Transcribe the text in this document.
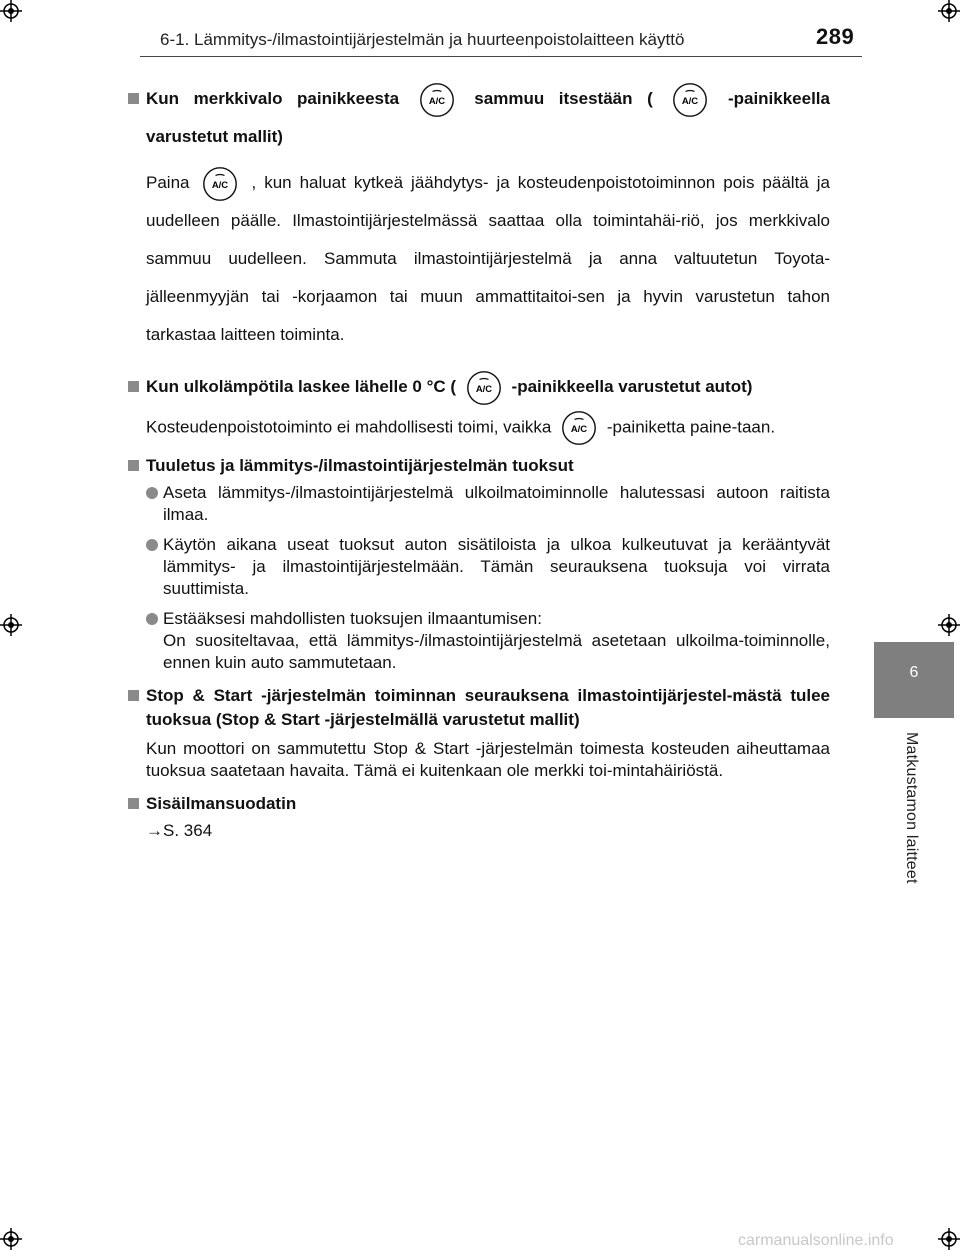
6-1. Lämmitys-/ilmastointijärjestelmän ja huurteenpoistolaitteen käyttö	289
6
Matkustamon laitteet
Kun merkkivalo painikkeesta	A/C sammuu itsestään (	A/C -painikkeella varustetut mallit)
Paina A/C , kun haluat kytkeä jäähdytys- ja kosteudenpoistotoiminnon pois päältä ja uudelleen päälle. Ilmastointijärjestelmässä saattaa olla toimintahäi-riö, jos merkkivalo sammuu uudelleen. Sammuta ilmastointijärjestelmä ja anna valtuutetun Toyota-jälleenmyyjän tai -korjaamon tai muun ammattitaitoi-sen ja hyvin varustetun tahon tarkastaa laitteen toiminta.
Kun ulkolämpötila laskee lähelle 0 °C ( A/C -painikkeella varustetut autot)
Kosteudenpoistotoiminto ei mahdollisesti toimi, vaikka A/C -painiketta paine-taan.
Tuuletus ja lämmitys-/ilmastointijärjestelmän tuoksut
Aseta lämmitys-/ilmastointijärjestelmä ulkoilmatoiminnolle halutessasi autoon raitista ilmaa.
Käytön aikana useat tuoksut auton sisätiloista ja ulkoa kulkeutuvat ja kerääntyvät lämmitys- ja ilmastointijärjestelmään. Tämän seurauksena tuoksuja voi virrata suuttimista.
Estääksesi mahdollisten tuoksujen ilmaantumisen:
On suositeltavaa, että lämmitys-/ilmastointijärjestelmä asetetaan ulkoilma-toiminnolle, ennen kuin auto sammutetaan.
Stop & Start -järjestelmän toiminnan seurauksena ilmastointijärjestel-mästä tulee tuoksua (Stop & Start -järjestelmällä varustetut mallit)
Kun moottori on sammutettu Stop & Start -järjestelmän toimesta kosteuden aiheuttamaa tuoksua saatetaan havaita. Tämä ei kuitenkaan ole merkki toi-mintahäiriöstä.
Sisäilmansuodatin
→S. 364
carmanualsonline.info
